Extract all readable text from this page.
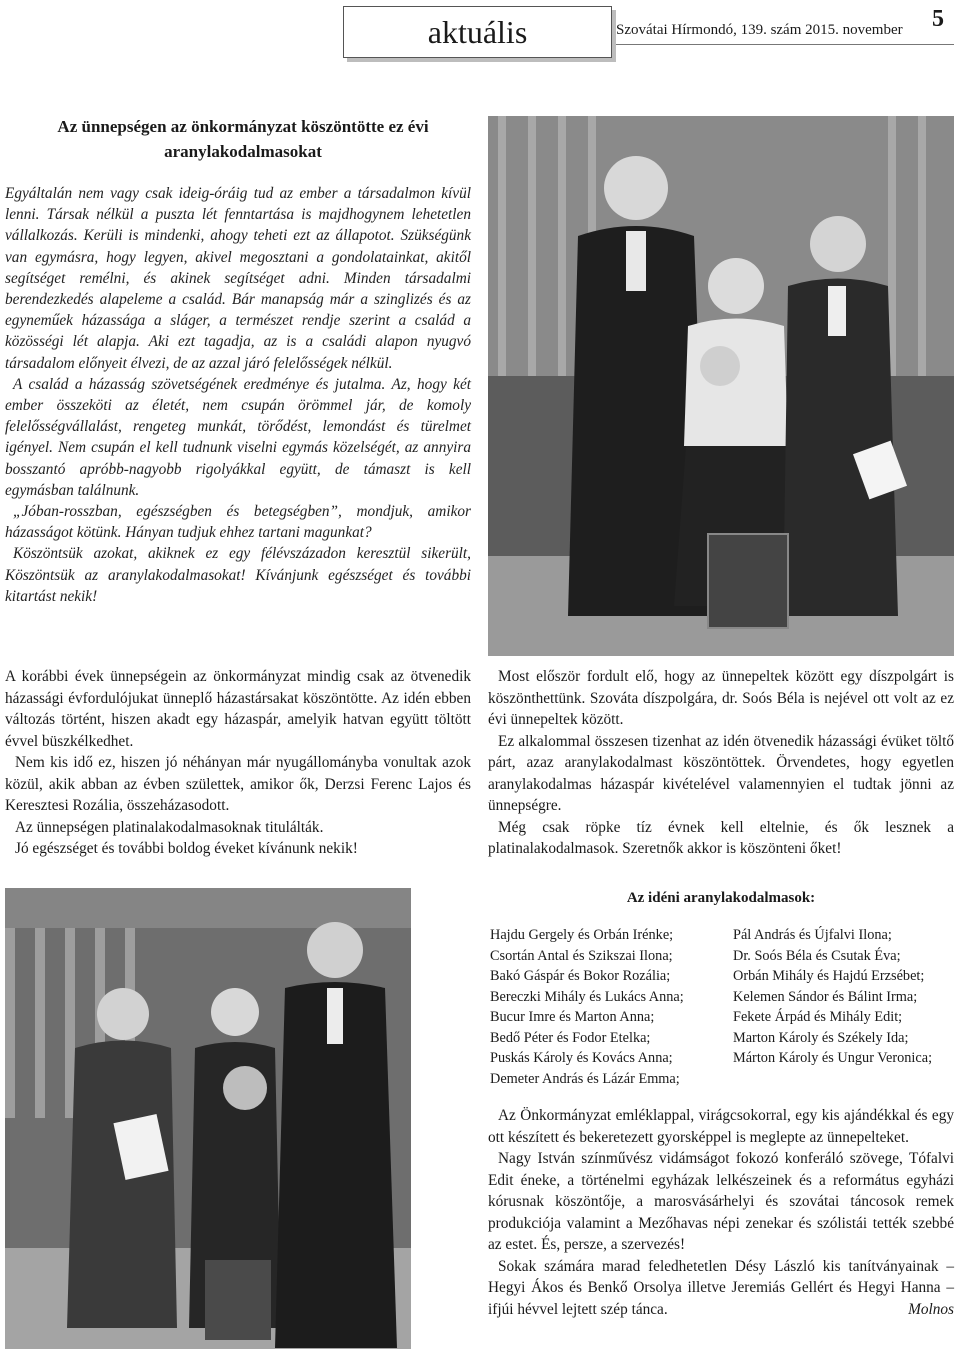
aktuális	Szovátai Hírmondó, 139. szám 2015. november 5
Az ünnepségen az önkormányzat köszöntötte ez évi aranylakodalmasokat

Egyáltalán nem vagy csak ideig-óráig tud az ember a társadalmon kívül lenni. Társak nélkül a puszta lét fenntartása is majdhogynem lehetetlen vállalkozás. Kerüli is mindenki, ahogy teheti ezt az állapotot. Szükségünk van egymásra, hogy legyen, akivel megosztani a gondolatainkat, akitől segítséget remélni, és akinek segítséget adni. Minden társadalmi berendezkedés alapeleme a család. Bár manapság már a szinglizés és az egyneműek házassága a sláger, a természet rendje szerint a család a közösségi lét alapja. Aki ezt tagadja, az is a családi alapon nyugvó társadalom előnyeit élvezi, de az azzal járó felelősségek nélkül.

A család a házasság szövetségének eredménye és jutalma. Az, hogy két ember összeköti az életét, nem csupán örömmel jár, de komoly felelősségvállalást, rengeteg munkát, törődést, lemondást és türelmet igényel. Nem csupán el kell tudnunk viselni egymás közelségét, az annyira bosszantó apróbb-nagyobb rigolyákkal együtt, de támaszt is kell egymásban találnunk.

„Jóban-rosszban, egészségben és betegségben”, mondjuk, amikor házasságot kötünk. Hányan tudjuk ehhez tartani magunkat?

Köszöntsük azokat, akiknek ez egy félévszázadon keresztül sikerült, Köszöntsük az aranylakodalmasokat! Kívánjunk egészséget és további kitartást nekik!

A korábbi évek ünnepségein az önkormányzat mindig csak az ötvenedik házassági évfordulójukat ünneplő házastársakat köszöntötte. Az idén ebben változás történt, hiszen akadt egy házaspár, amelyik hatvan együtt töltött évvel büszkélkedhet.

Nem kis idő ez, hiszen jó néhányan már nyugállományba vonultak azok közül, akik abban az évben születtek, amikor ők, Derzsi Ferenc Lajos és Keresztesi Rozália, összeházasodott.

Az ünnepségen platinalakodalmasoknak titulálták.

Jó egészséget és további boldog éveket kívánunk nekik!

Most először fordult elő, hogy az ünnepeltek között egy díszpolgárt is köszönthettünk. Szováta díszpolgára, dr. Soós Béla is nejével ott volt az ez évi ünnepeltek között.

Ez alkalommal összesen tizenhat az idén ötvenedik házassági évüket töltő párt, azaz aranylakodalmast köszöntöttek. Örvendetes, hogy egyetlen aranylakodalmas házaspár kivételével valamennyien el tudtak jönni az ünnepségre.

Még csak röpke tíz évnek kell eltelnie, és ők lesznek a platinalakodalmasok. Szeretnők akkor is köszönteni őket!

Az idéni aranylakodalmasok:
Hajdu Gergely és Orbán Irénke;
Csortán Antal és Szikszai Ilona;
Bakó Gáspár és Bokor Rozália;
Bereczki Mihály és Lukács Anna;
Bucur Imre és Marton Anna;
Bedő Péter és Fodor Etelka;
Puskás Károly és Kovács Anna;
Demeter András és Lázár Emma;
Pál András és Újfalvi Ilona;
Dr. Soós Béla és Csutak Éva;
Orbán Mihály és Hajdú Erzsébet;
Kelemen Sándor és Bálint Irma;
Fekete Árpád és Mihály Edit;
Marton Károly és Székely Ida;
Márton Károly és Ungur Veronica;

Az Önkormányzat emléklappal, virágcsokorral, egy kis ajándékkal és egy ott készített és bekeretezett gyorsképpel is meglepte az ünnepelteket.

Nagy István színművész vidámságot fokozó konferáló szövege, Tófalvi Edit éneke, a történelmi egyházak lelkészeinek és a református egyházi kórusnak köszöntője, a marosvásárhelyi és szovátai táncosok remek produkciója valamint a Mezőhavas népi zenekar és szólistái tették szebbé az estet. És, persze, a szervezés!

Sokak számára marad feledhetetlen Désy László kis tanítványainak – Hegyi Ákos és Benkő Orsolya illetve Jeremiás Gellért és Hegyi Hanna – ifjúi hévvel lejtett szép tánca.	Molnos
